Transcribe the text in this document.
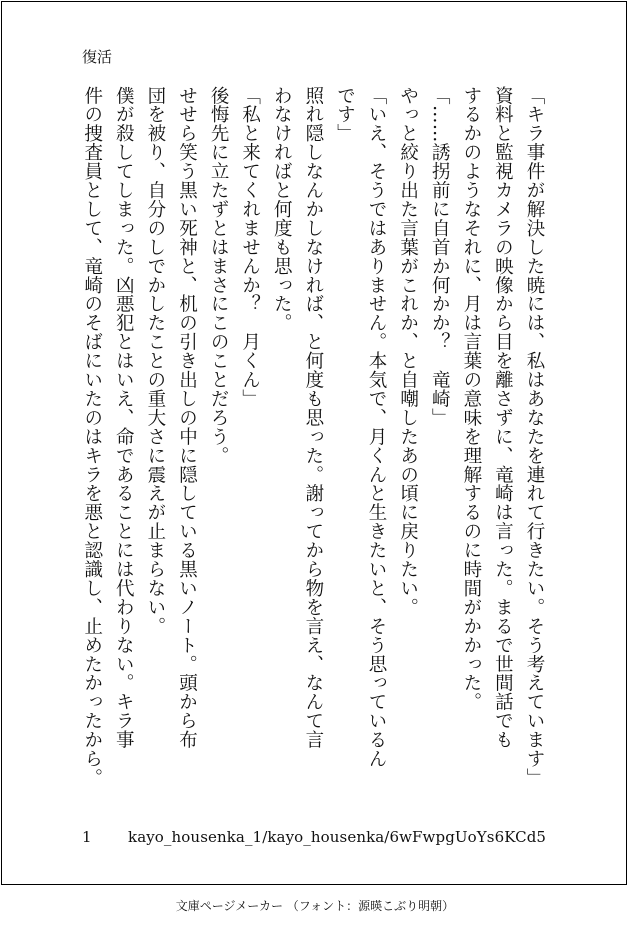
復活
「キラ事件が解決した暁には、私はあなたを連れて行きたい。そう考えています」
資料と監視カメラの映像から目を離さずに、竜崎は言った。まるで世間話でも
するかのようなそれに、月は言葉の意味を理解するのに時間がかかった。
「……誘拐前に自首か何かか？　竜崎」
やっと絞り出た言葉がこれか、と自嘲したあの頃に戻りたい。
「いえ、そうではありません。本気で、月くんと生きたいと、そう思っているん
です」
照れ隠しなんかしなければ、と何度も思った。謝ってから物を言え、なんて言
わなければと何度も思った。
「私と来てくれませんか？　月くん」
後悔先に立たずとはまさにこのことだろう。
せせら笑う黒い死神と、机の引き出しの中に隠している黒いノート。頭から布
団を被り、自分のしでかしたことの重大さに震えが止まらない。
僕が殺してしまった。凶悪犯とはいえ、命であることには代わりない。キラ事
件の捜査員として、竜崎のそばにいたのはキラを悪と認識し、止めたかったから。
1 kayo_housenka_1/kayo_housenka/6wFwpgUoYs6KCd5
文庫ページメーカー （フォント：源暎こぶり明朝）
